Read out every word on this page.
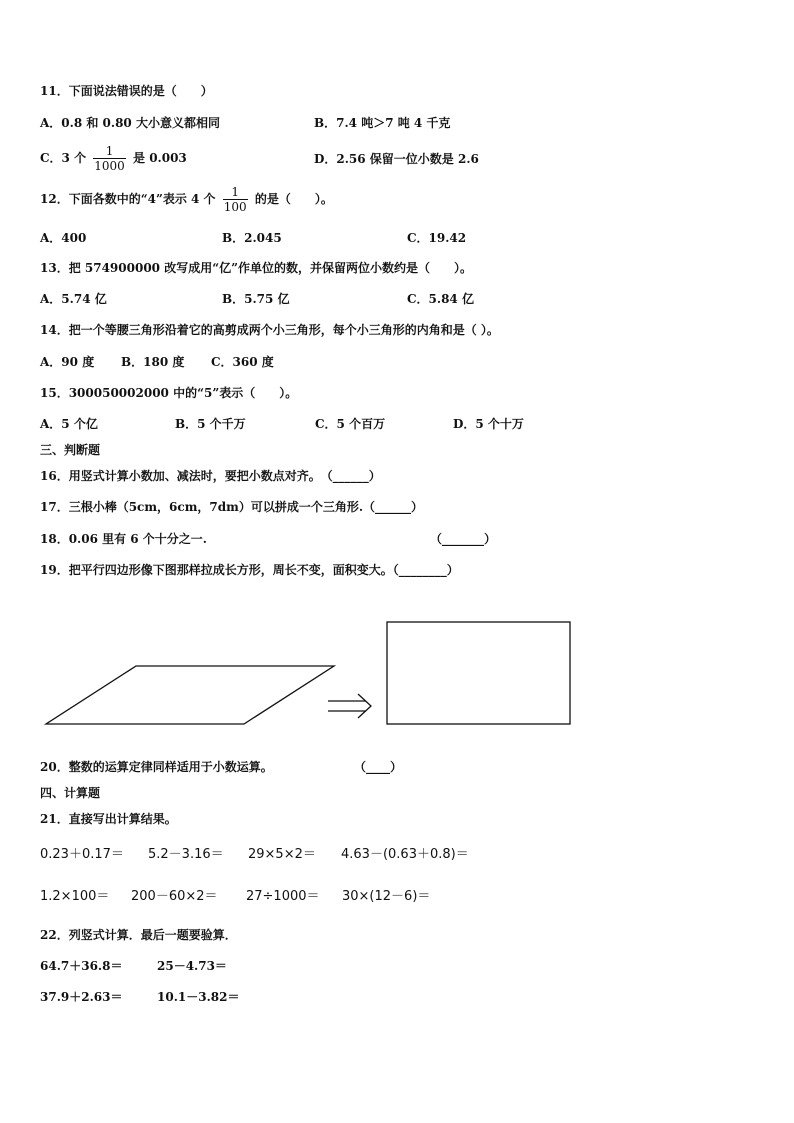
11．下面说法错误的是（　　）
A．0.8 和 0.80 大小意义都相同	B．7.4 吨＞7 吨 4 千克
C．3 个 $\frac{1}{1000}$ 是 0.003	D．2.56 保留一位小数是 2.6
12．下面各数中的“4”表示 4 个 $\frac{1}{100}$ 的是（　　）。
A．400	B．2.045	C．19.42
13．把 574900000 改写成用“亿”作单位的数，并保留两位小数约是（　　）。
A．5.74 亿	B．5.75 亿	C．5.84 亿
14．把一个等腰三角形沿着它的高剪成两个小三角形，每个小三角形的内角和是（ ）。
A．90 度 B．180 度 C．360 度
15．300050002000 中的“5”表示（　　）。
A．5 个亿	B．5 个千万	C．5 个百万	D．5 个十万
三、判断题
16．用竖式计算小数加、减法时，要把小数点对齐。　（______）
17．三根小棒（5cm，6cm，7dm）可以拼成一个三角形.（______）
18．0.06 里有 6 个十分之一.	（_______）
19．把平行四边形像下图那样拉成长方形，周长不变，面积变大。（________）
20．整数的运算定律同样适用于小数运算。	（____）
四、计算题
21．直接写出计算结果。
0.23＋0.17＝ 5.2－3.16＝ 29×5×2＝ 4.63－(0.63＋0.8)＝
1.2×100＝ 200－60×2＝ 27÷1000＝ 30×(12－6)＝
22．列竖式计算．最后一题要验算．
64.7＋36.8＝	25－4.73＝
37.9＋2.63＝	10.1－3.82＝
